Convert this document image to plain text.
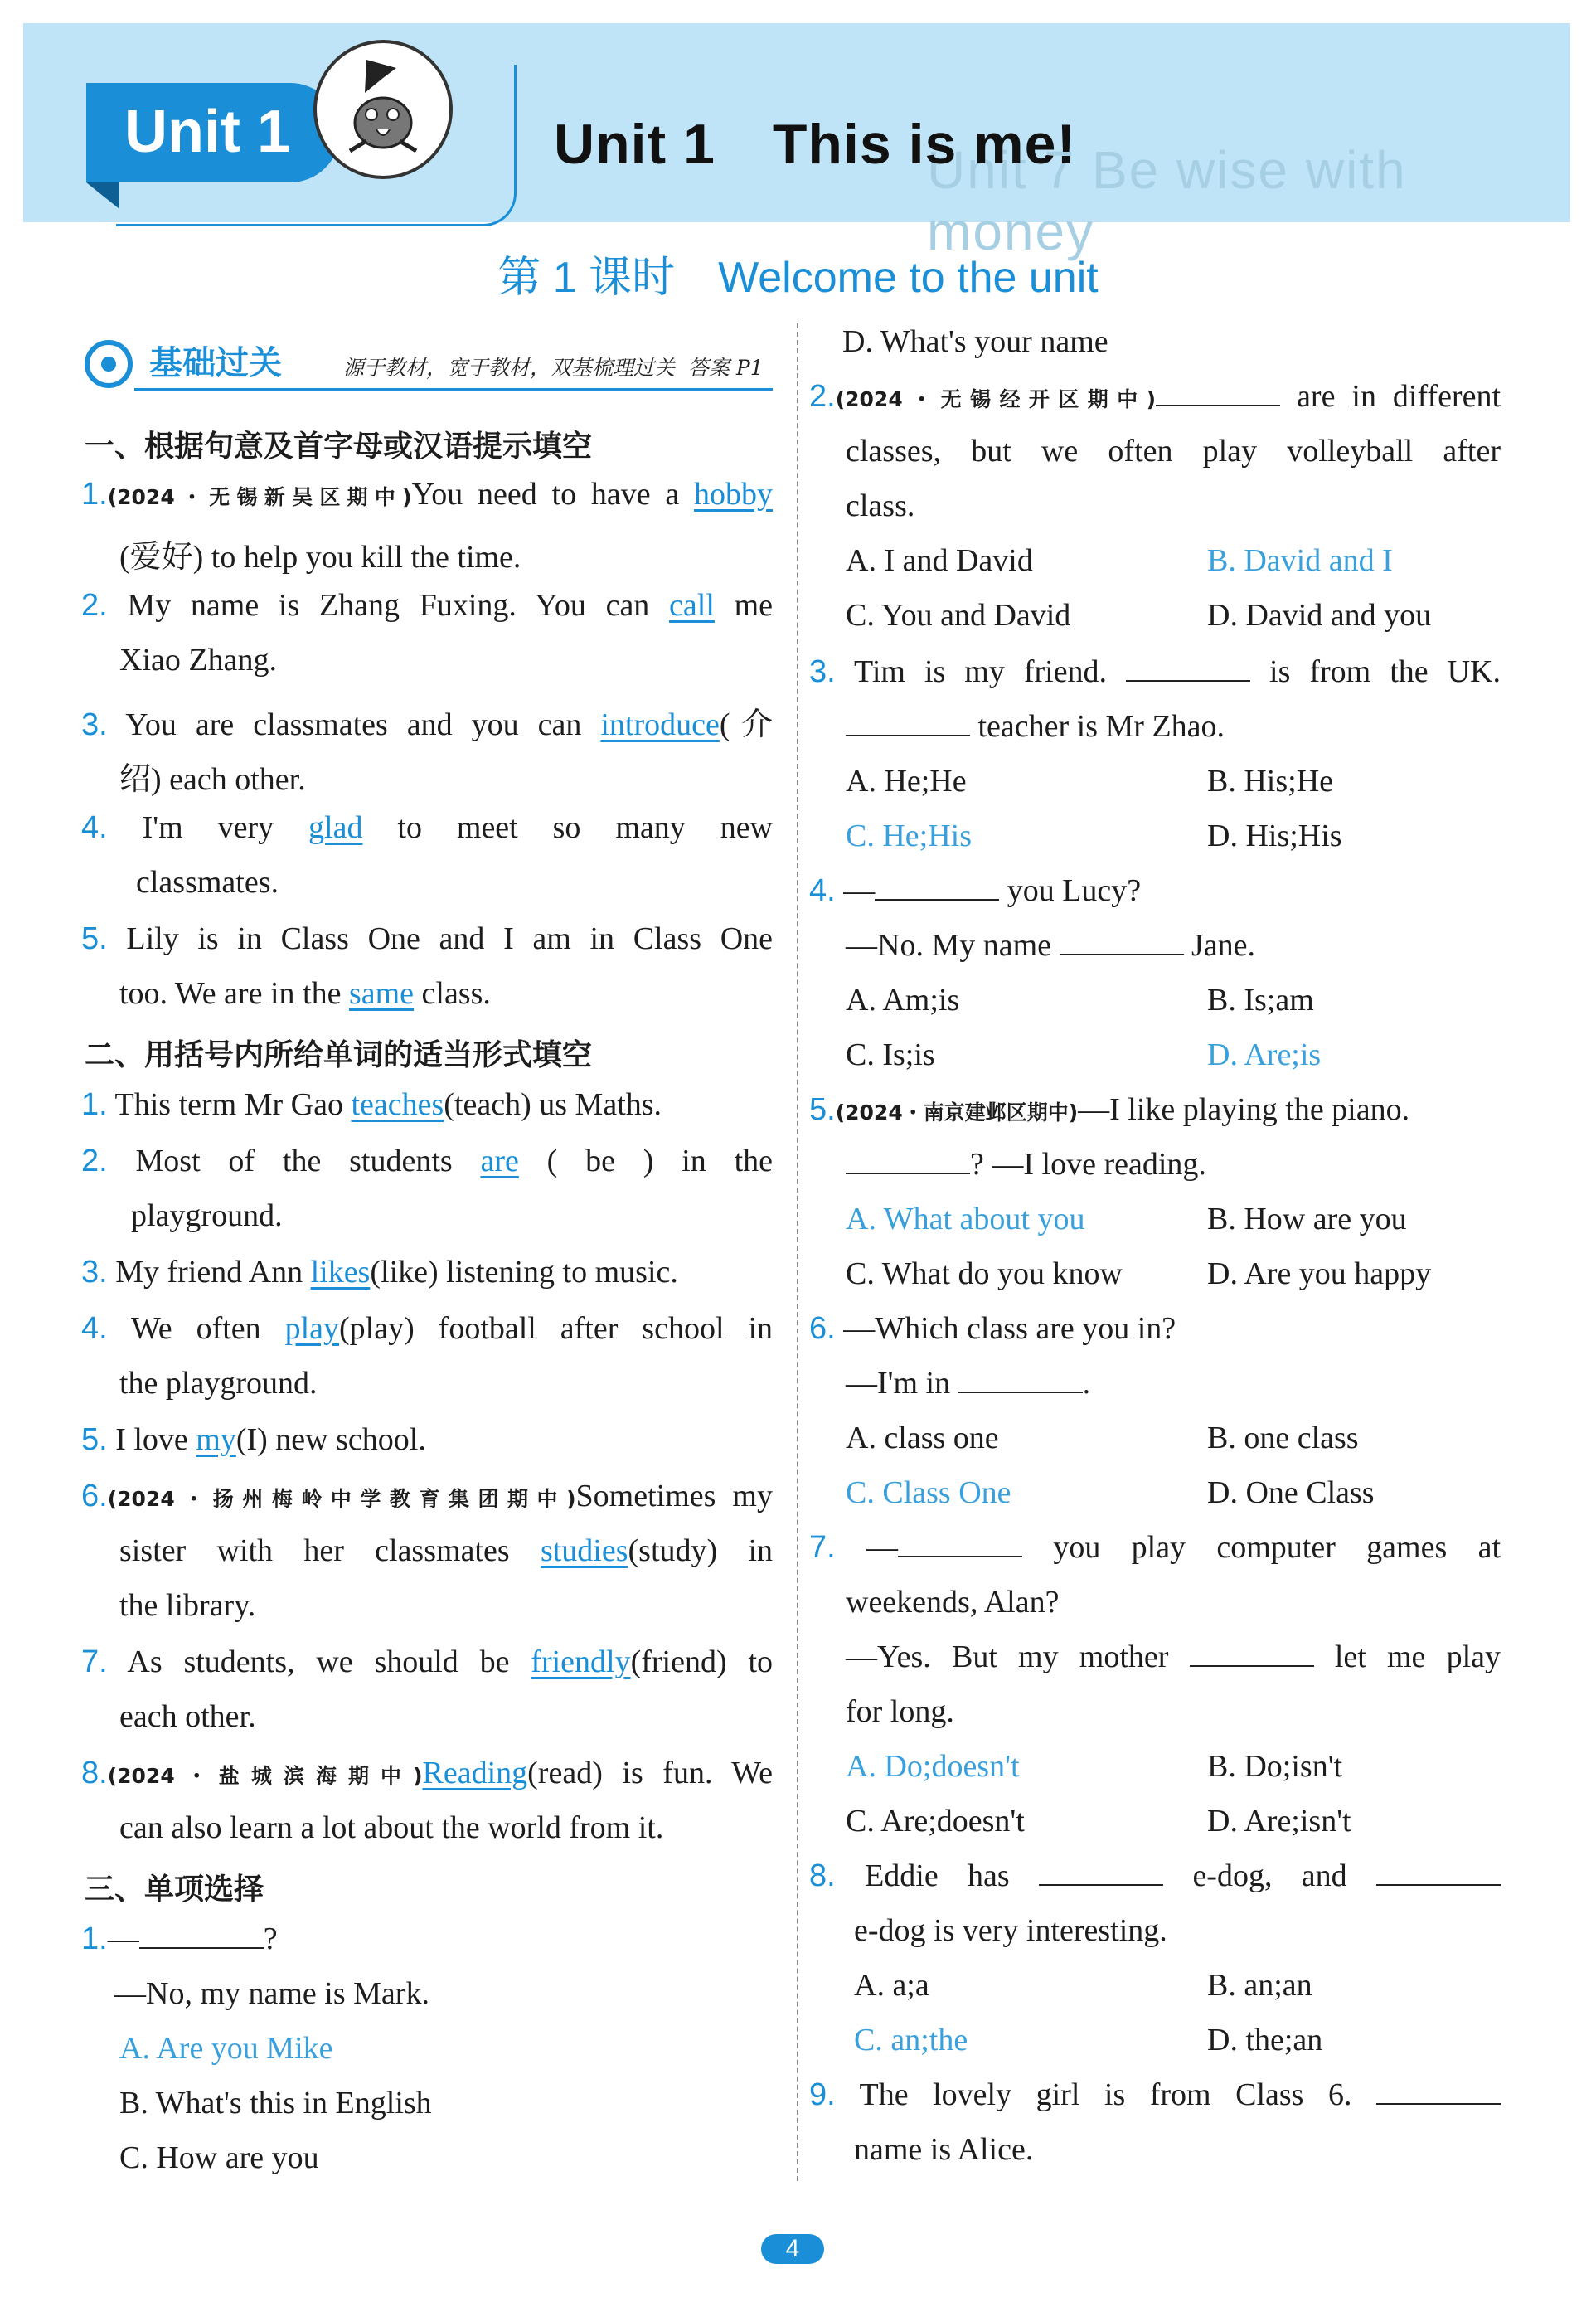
Unit 7 Be wise with money
Unit 1	Unit 1　This is me!
第 1 课时　Welcome to the unit
基础过关	源于教材，宽于教材，双基梳理过关 答案 P1
一、根据句意及首字母或汉语提示填空
1.(2024・无锡新吴区期中)You need to have a hobby
(爱好) to help you kill the time.
2. My name is Zhang Fuxing. You can call me
Xiao Zhang.
3. You are classmates and you can introduce(介
绍) each other.
4. I'm very glad to meet so many new
classmates.
5. Lily is in Class One and I am in Class One
too. We are in the same class.
二、用括号内所给单词的适当形式填空
1. This term Mr Gao teaches(teach) us Maths.
2. Most of the students are ( be ) in the
playground.
3. My friend Ann likes(like) listening to music.
4. We often play(play) football after school in
the playground.
5. I love my(I) new school.
6.(2024・扬州梅岭中学教育集团期中)Sometimes my
sister with her classmates studies(study) in
the library.
7. As students, we should be friendly(friend) to
each other.
8.(2024・盐城滨海期中)Reading(read) is fun. We
can also learn a lot about the world from it.
三、单项选择
1.—	?
—No, my name is Mark.
A. Are you Mike
B. What's this in English
C. How are you
D. What's your name
2.(2024・无锡经开区期中)	are in different
classes, but we often play volleyball after
class.
A. I and David	B. David and I
C. You and David	D. David and you
3. Tim is my friend.	is from the UK.
teacher is Mr Zhao.
A. He;He	B. His;He
C. He;His	D. His;His
4. —	you Lucy?
—No. My name	Jane.
A. Am;is	B. Is;am
C. Is;is	D. Are;is
5.(2024・南京建邺区期中)—I like playing the piano.
? —I love reading.
A. What about you	B. How are you
C. What do you know	D. Are you happy
6. —Which class are you in?
—I'm in	.
A. class one	B. one class
C. Class One	D. One Class
7. —	you play computer games at
weekends, Alan?
—Yes. But my mother	let me play
for long.
A. Do;doesn't	B. Do;isn't
C. Are;doesn't	D. Are;isn't
8. Eddie has	e-dog, and
e-dog is very interesting.
A. a;a	B. an;an
C. an;the	D. the;an
9. The lovely girl is from Class 6.
name is Alice.
4
